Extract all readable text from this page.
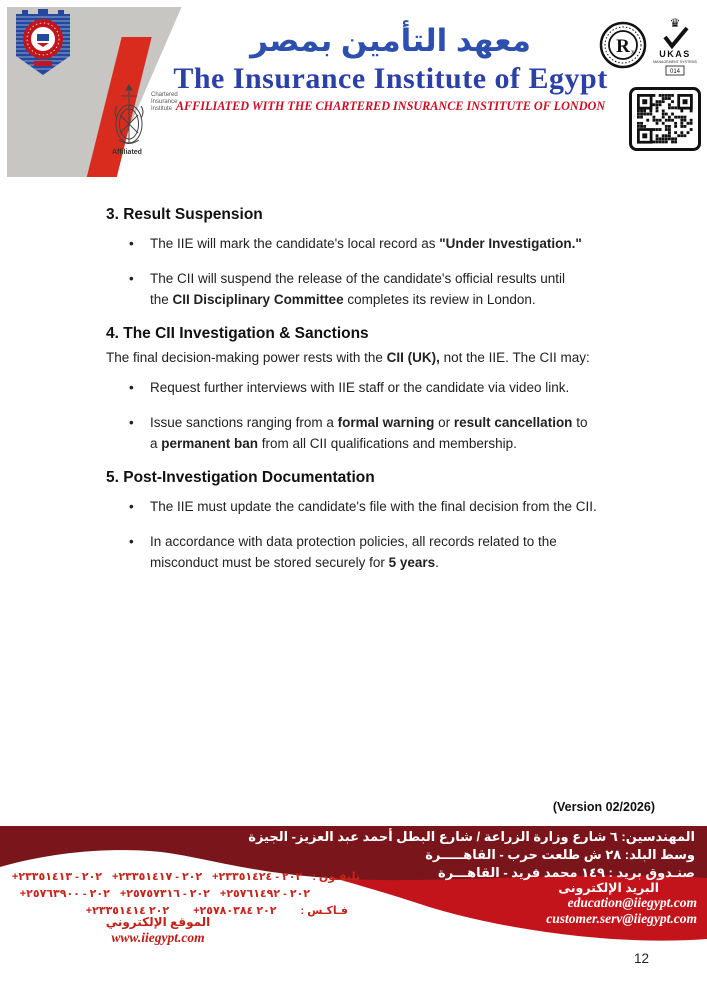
Chartered
Insurance
Institute
Affiliated
معهد التأمين بمصر
The Insurance Institute of Egypt
AFFILIATED WITH THE CHARTERED INSURANCE INSTITUTE OF LONDON
R x
♛
UKAS
MANAGEMENT SYSTEMS
014
3. Result Suspension
• The IIE will mark the candidate's local record as "Under Investigation."
• The CII will suspend the release of the candidate's official results until
the CII Disciplinary Committee completes its review in London.
4. The CII Investigation & Sanctions
The final decision-making power rests with the CII (UK), not the IIE. The CII may:
• Request further interviews with IIE staff or the candidate via video link.
• Issue sanctions ranging from a formal warning or result cancellation to
a permanent ban from all CII qualifications and membership.
5. Post-Investigation Documentation
• The IIE must update the candidate's file with the final decision from the CII.
• In accordance with data protection policies, all records related to the
misconduct must be stored securely for 5 years.
(Version 02/2026)
المهندسين: ٦ شارع وزارة الزراعة / شارع البطل أحمد عبد العزيز- الجيزة
وسط البلد: ٢٨ ش طلعت حرب - القاهـــــرة
صنـدوق بريد : ١٤٩ محمد فريد - القاهـــرة
البريد الإلكترونى
education@iiegypt.com
customer.serv@iiegypt.com
تليفـون :
+٢٠٢ - ٢٣٣٥١٤٢٤
+٢٠٢ - ٢٣٣٥١٤١٧
+٢٠٢ - ٢٣٣٥١٤١٣
+٢٠٢ - ٢٥٧٦١٤٩٢
+٢٠٢ - ٢٥٧٥٧٣١٦
+٢٠٢ - ٢٥٧٦٣٩٠٠
فـاكـس :
+٢٠٢ ٢٥٧٨٠٣٨٤
+٢٠٢ ٢٣٣٥١٤١٤
الموقع الإلكتروني
www.iiegypt.com
12
